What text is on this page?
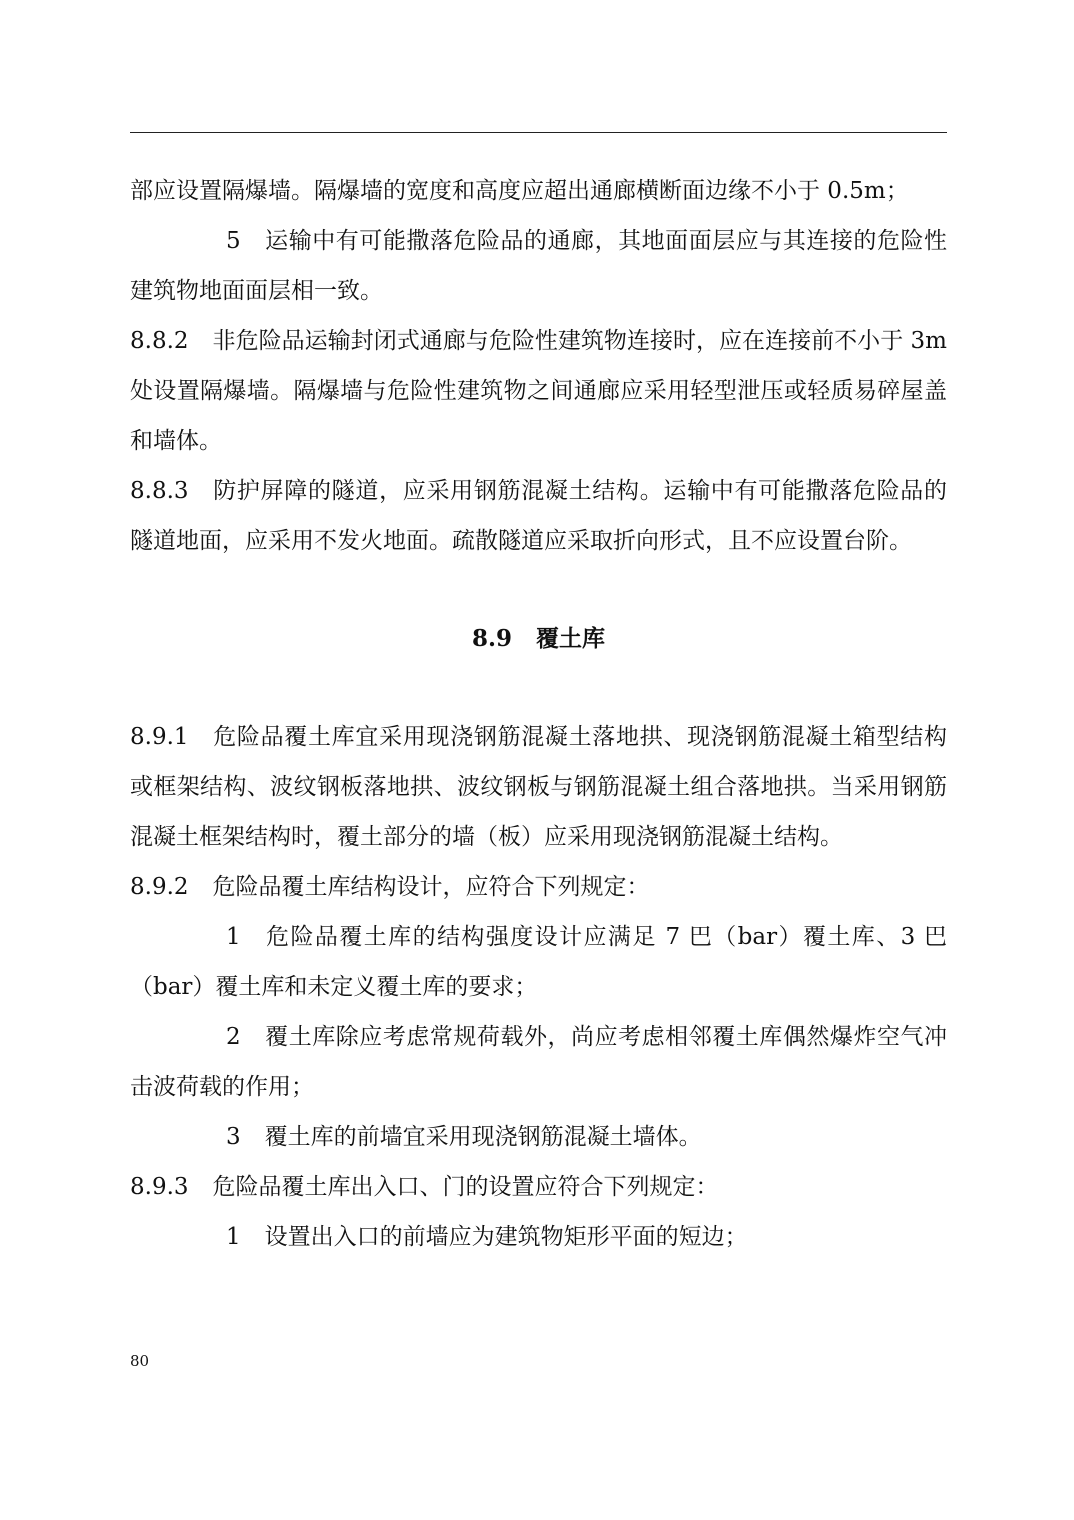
部应设置隔爆墙。隔爆墙的宽度和高度应超出通廊横断面边缘不小于 0.5m；

5 运输中有可能撒落危险品的通廊，其地面面层应与其连接的危险性建筑物地面面层相一致。

8.8.2 非危险品运输封闭式通廊与危险性建筑物连接时，应在连接前不小于 3m 处设置隔爆墙。隔爆墙与危险性建筑物之间通廊应采用轻型泄压或轻质易碎屋盖和墙体。

8.8.3 防护屏障的隧道，应采用钢筋混凝土结构。运输中有可能撒落危险品的隧道地面，应采用不发火地面。疏散隧道应采取折向形式，且不应设置台阶。

8.9 覆土库

8.9.1 危险品覆土库宜采用现浇钢筋混凝土落地拱、现浇钢筋混凝土箱型结构或框架结构、波纹钢板落地拱、波纹钢板与钢筋混凝土组合落地拱。当采用钢筋混凝土框架结构时，覆土部分的墙（板）应采用现浇钢筋混凝土结构。

8.9.2 危险品覆土库结构设计，应符合下列规定：

1 危险品覆土库的结构强度设计应满足 7 巴（bar）覆土库、3 巴（bar）覆土库和未定义覆土库的要求；

2 覆土库除应考虑常规荷载外，尚应考虑相邻覆土库偶然爆炸空气冲击波荷载的作用；

3 覆土库的前墙宜采用现浇钢筋混凝土墙体。

8.9.3 危险品覆土库出入口、门的设置应符合下列规定：

1 设置出入口的前墙应为建筑物矩形平面的短边；

80
